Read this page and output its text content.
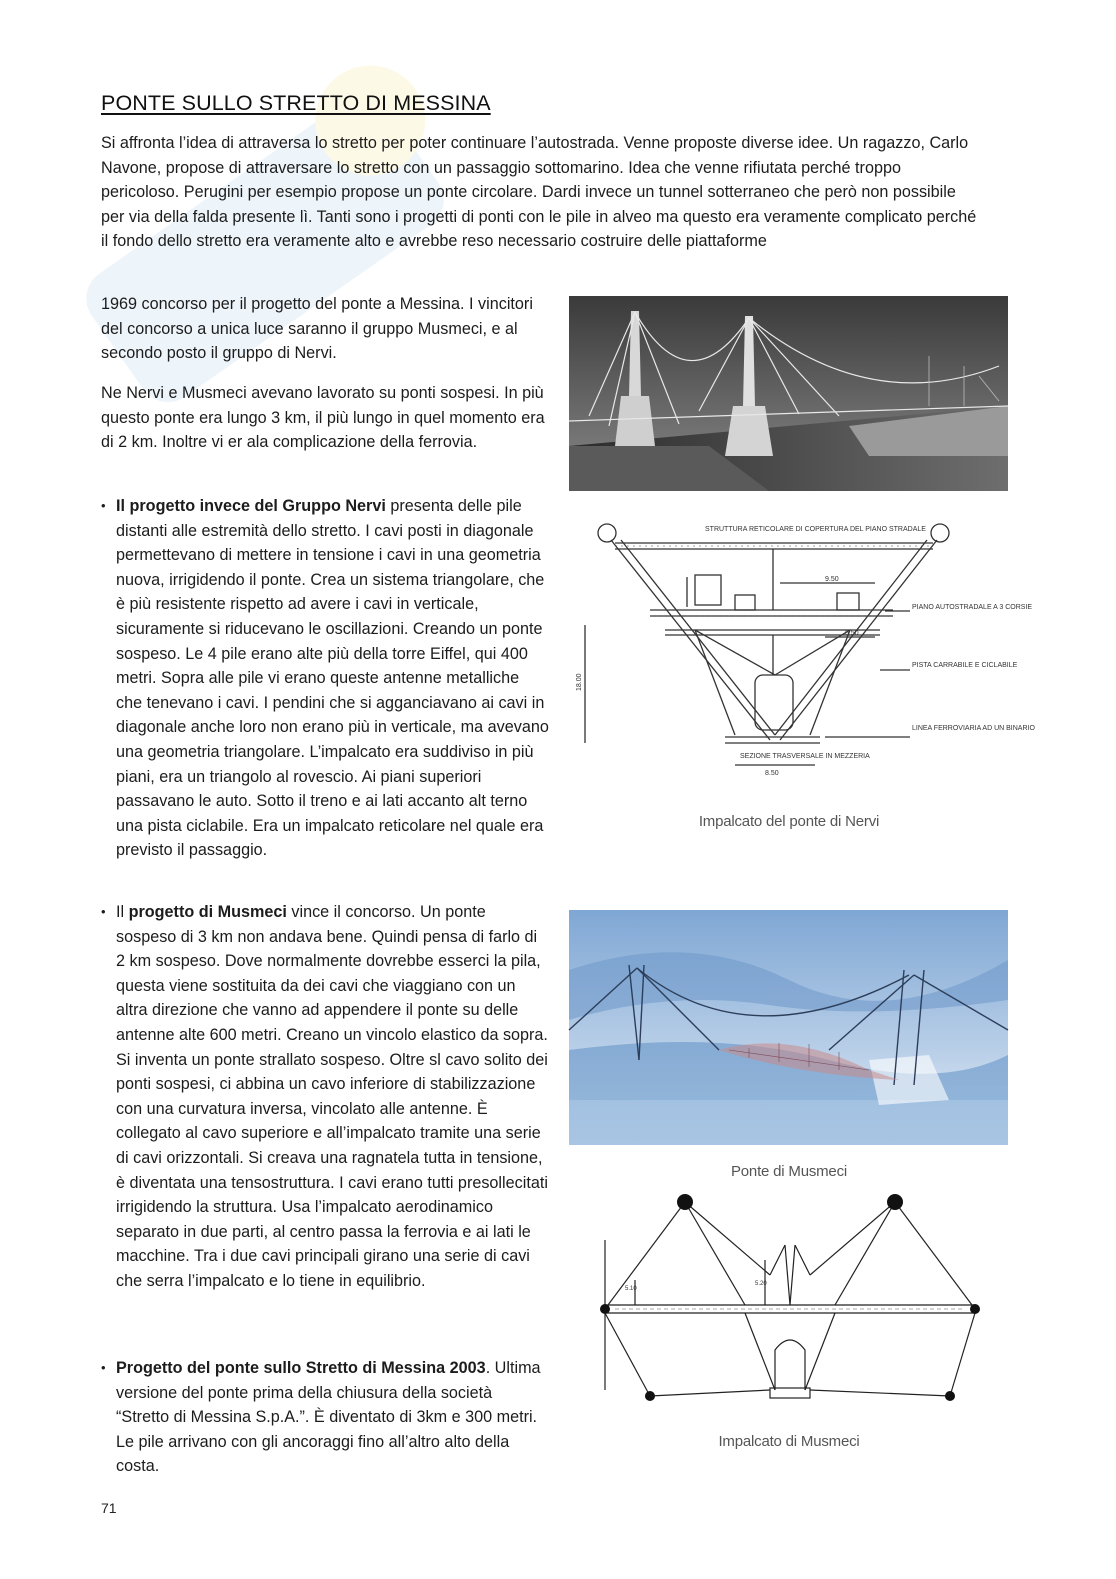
PONTE SULLO STRETTO DI MESSINA

Si affronta l’idea di attraversa lo stretto per poter continuare l’autostrada. Venne proposte diverse idee. Un ragazzo, Carlo Navone, propose di attraversare lo stretto con un passaggio sottomarino. Idea che venne rifiutata perché troppo pericoloso. Perugini per esempio propose un ponte circolare. Dardi invece un tunnel sotterraneo che però non possibile per via della falda presente lì. Tanti sono i progetti di ponti con le pile in alveo ma questo era veramente complicato perché il fondo dello stretto era veramente alto e avrebbe reso necessario costruire delle piattaforme

1969 concorso per il progetto del ponte a Messina. I vincitori del concorso a unica luce saranno il gruppo Musmeci, e al secondo posto il gruppo di Nervi.

Ne Nervi e Musmeci avevano lavorato su ponti sospesi. In più questo ponte era lungo 3 km, il più lungo in quel momento era di 2 km. Inoltre vi er ala complicazione della ferrovia.

• Il progetto invece del Gruppo Nervi presenta delle pile distanti alle estremità dello stretto. I cavi posti in diagonale permettevano di mettere in tensione i cavi in una geometria nuova, irrigidendo il ponte. Crea un sistema triangolare, che è più resistente rispetto ad avere i cavi in verticale, sicuramente si riducevano le oscillazioni. Creando un ponte sospeso. Le 4 pile erano alte più della torre Eiffel, qui 400 metri. Sopra alle pile vi erano queste antenne metalliche che tenevano i cavi. I pendini che si agganciavano ai cavi in diagonale anche loro non erano più in verticale, ma avevano una geometria triangolare. L’impalcato era suddiviso in più piani, era un triangolo al rovescio. Ai piani superiori passavano le auto. Sotto il treno e ai lati accanto alt terno una pista ciclabile. Era un impalcato reticolare nel quale era previsto il passaggio.

• Il progetto di Musmeci vince il concorso. Un ponte sospeso di 3 km non andava bene. Quindi pensa di farlo di 2 km sospeso. Dove normalmente dovrebbe esserci la pila, questa viene sostituita da dei cavi che viaggiano con un altra direzione che vanno ad appendere il ponte su delle antenne alte 600 metri. Creano un vincolo elastico da sopra. Si inventa un ponte strallato sospeso. Oltre sl cavo solito dei ponti sospesi, ci abbina un cavo inferiore di stabilizzazione con una curvatura inversa, vincolato alle antenne. È collegato al cavo superiore e all’impalcato tramite una serie di cavi orizzontali. Si creava una ragnatela tutta in tensione, è diventata una tensostruttura. I cavi erano tutti presollecitati irrigidendo la struttura. Usa l’impalcato aerodinamico separato in due parti, al centro passa la ferrovia e ai lati le macchine. Tra i due cavi principali girano una serie di cavi che serra l’impalcato e lo tiene in equilibrio.

• Progetto del ponte sullo Stretto di Messina 2003. Ultima versione del ponte prima della chiusura della società “Stretto di Messina S.p.A.”. È diventato di 3km e 300 metri. Le pile arrivano con gli ancoraggi fino all’altro alto della costa.

STRUTTURA RETICOLARE DI COPERTURA DEL PIANO STRADALE
PIANO AUTOSTRADALE A 3 CORSIE
PISTA CARRABILE E CICLABILE
LINEA FERROVIARIA AD UN BINARIO
SEZIONE TRASVERSALE IN MEZZERIA
9.50
6.50
8.50
18.00
Impalcato del ponte di Nervi
Ponte di Musmeci
5.10
5.20
Impalcato di Musmeci
71
